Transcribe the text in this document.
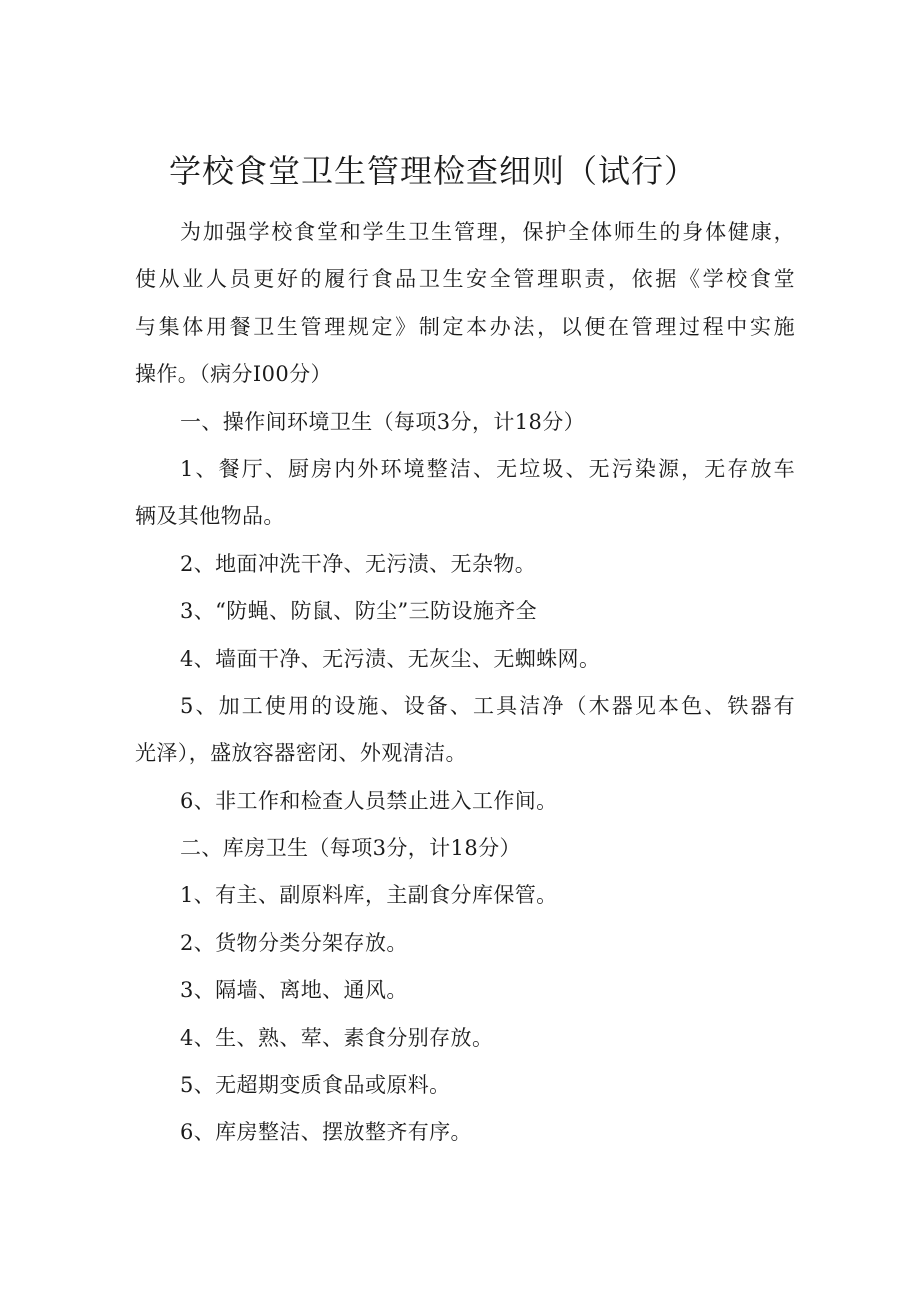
学校食堂卫生管理检查细则（试行）
为加强学校食堂和学生卫生管理，保护全体师生的身体健康，
使从业人员更好的履行食品卫生安全管理职责，依据《学校食堂
与集体用餐卫生管理规定》制定本办法，以便在管理过程中实施
操作。（病分I00分）
一、操作间环境卫生（每项3分，计18分）
1、餐厅、厨房内外环境整洁、无垃圾、无污染源，无存放车
辆及其他物品。
2、地面冲洗干净、无污渍、无杂物。
3、“防蝇、防鼠、防尘”三防设施齐全
4、墙面干净、无污渍、无灰尘、无蜘蛛网。
5、加工使用的设施、设备、工具洁净（木器见本色、铁器有
光泽），盛放容器密闭、外观清洁。
6、非工作和检查人员禁止进入工作间。
二、库房卫生（每项3分，计18分）
1、有主、副原料库，主副食分库保管。
2、货物分类分架存放。
3、隔墙、离地、通风。
4、生、熟、荤、素食分别存放。
5、无超期变质食品或原料。
6、库房整洁、摆放整齐有序。
